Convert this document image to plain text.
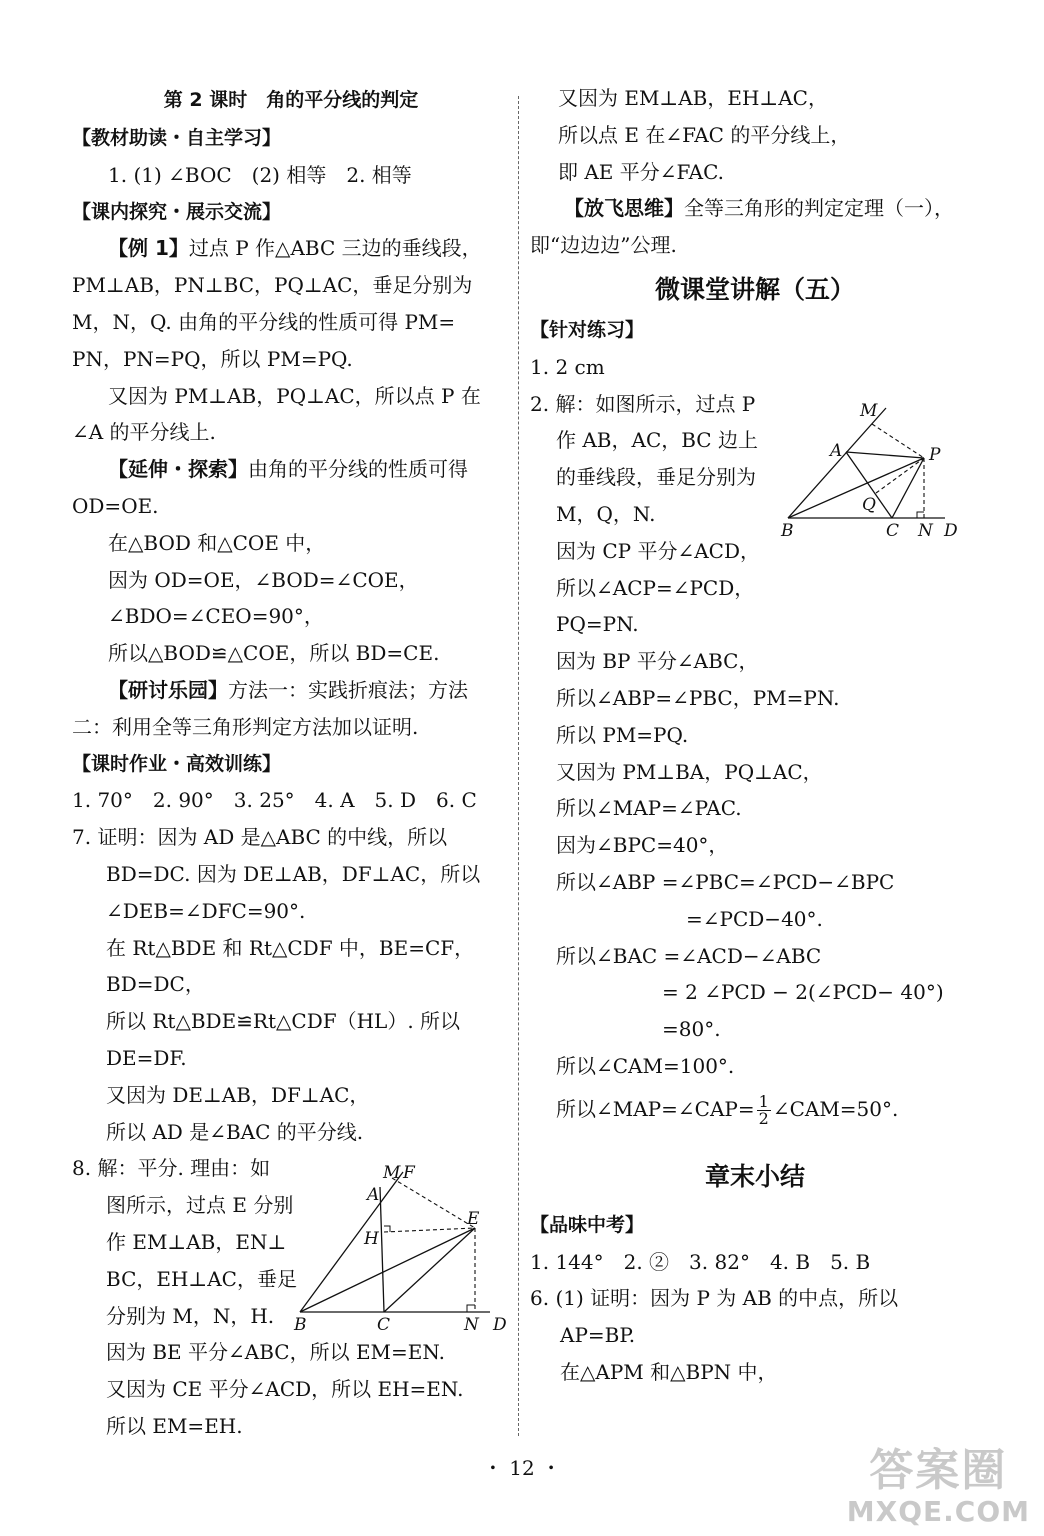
第 2 课时　角的平分线的判定
【教材助读・自主学习】
1. (1) ∠BOC　(2) 相等　2. 相等
【课内探究・展示交流】
【例 1】过点 P 作△ABC 三边的垂线段，
PM⊥AB，PN⊥BC，PQ⊥AC，垂足分别为
M，N，Q. 由角的平分线的性质可得 PM=
PN，PN=PQ，所以 PM=PQ.
又因为 PM⊥AB，PQ⊥AC，所以点 P 在
∠A 的平分线上.
【延伸・探索】由角的平分线的性质可得
OD=OE.
在△BOD 和△COE 中，
因为 OD=OE，∠BOD=∠COE，
∠BDO=∠CEO=90°，
所以△BOD≌△COE，所以 BD=CE.
【研讨乐园】方法一：实践折痕法；方法
二：利用全等三角形判定方法加以证明.
【课时作业・高效训练】
1. 70°　2. 90°　3. 25°　4. A　5. D　6. C
7. 证明：因为 AD 是△ABC 的中线，所以
BD=DC. 因为 DE⊥AB，DF⊥AC，所以
∠DEB=∠DFC=90°.
在 Rt△BDE 和 Rt△CDF 中，BE=CF，
BD=DC，
所以 Rt△BDE≌Rt△CDF（HL）. 所以
DE=DF.
又因为 DE⊥AB，DF⊥AC，
所以 AD 是∠BAC 的平分线.
8. 解：平分. 理由：如
图所示，过点 E 分别
作 EM⊥AB，EN⊥
BC，EH⊥AC，垂足
分别为 M，N，H.
因为 BE 平分∠ABC，所以 EM=EN.
又因为 CE 平分∠ACD，所以 EH=EN.
所以 EM=EH.
M F
A
H
E
B	C	N D
又因为 EM⊥AB，EH⊥AC，
所以点 E 在∠FAC 的平分线上，
即 AE 平分∠FAC.
【放飞思维】全等三角形的判定定理（一），
即“边边边”公理.
微课堂讲解（五）
【针对练习】
1. 2 cm
2. 解：如图所示，过点 P
作 AB，AC，BC 边上
的垂线段，垂足分别为
M，Q，N.
因为 CP 平分∠ACD，
所以∠ACP=∠PCD，
PQ=PN.
因为 BP 平分∠ABC，
所以∠ABP=∠PBC，PM=PN.
所以 PM=PQ.
又因为 PM⊥BA，PQ⊥AC，
所以∠MAP=∠PAC.
因为∠BPC=40°，
所以∠ABP =∠PBC=∠PCD−∠BPC
=∠PCD−40°.
所以∠BAC =∠ACD−∠ABC
= 2 ∠PCD − 2(∠PCD− 40°)
=80°.
所以∠CAM=100°.
所以∠MAP=∠CAP= $\frac{1}{2}$ ∠CAM=50°.
章末小结
【品味中考】
1. 144°　2. ②　3. 82°　4. B　5. B
6. (1) 证明：因为 P 为 AB 的中点，所以
AP=BP.
在△APM 和△BPN 中，
M
A	P
Q
B	C N D
・ 12 ・	答案圈
MXQE.COM
